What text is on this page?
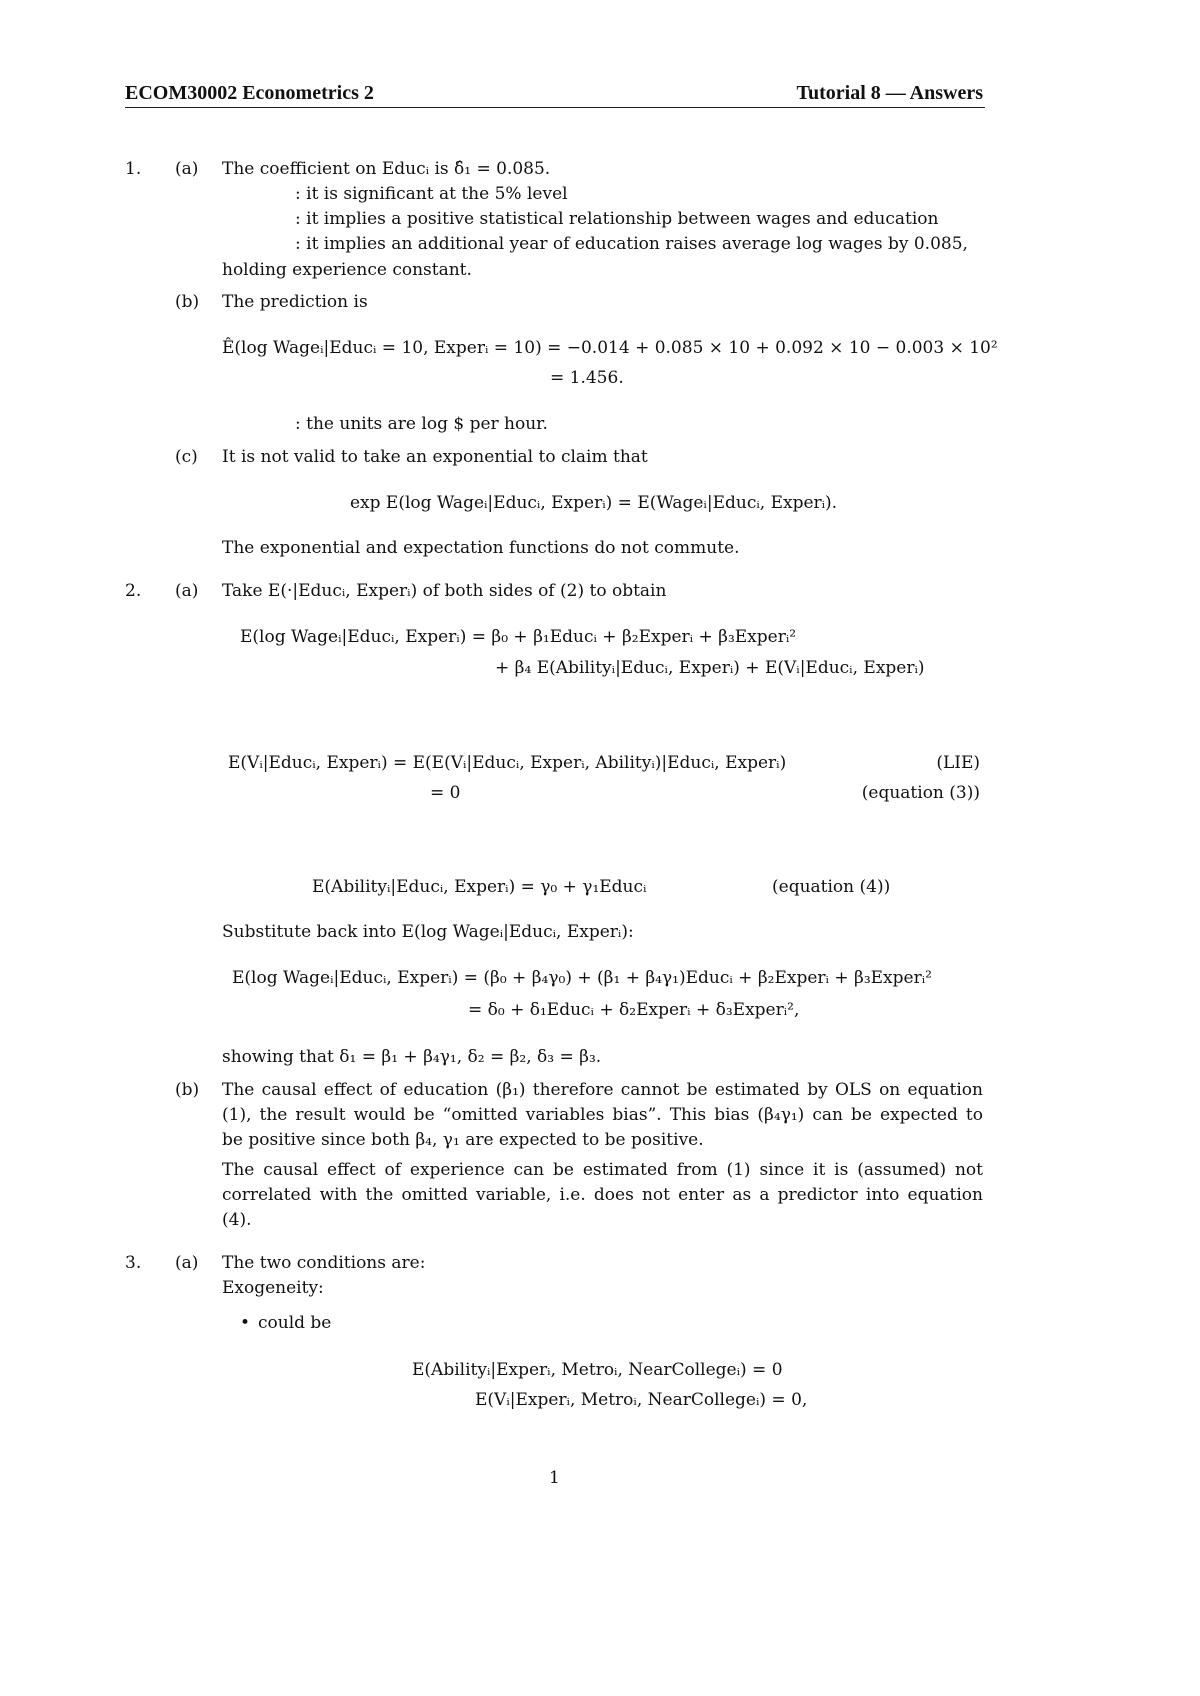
ECOM30002 Econometrics 2	Tutorial 8 — Answers
1. (a) The coefficient on Educᵢ is δ̂₁ = 0.085.
: it is significant at the 5% level
: it implies a positive statistical relationship between wages and education
: it implies an additional year of education raises average log wages by 0.085,
holding experience constant.
(b) The prediction is
Ê(log Wageᵢ|Educᵢ = 10, Experᵢ = 10) = −0.014 + 0.085 × 10 + 0.092 × 10 − 0.003 × 10²
= 1.456.
: the units are log $ per hour.
(c) It is not valid to take an exponential to claim that
exp E(log Wageᵢ|Educᵢ, Experᵢ) = E(Wageᵢ|Educᵢ, Experᵢ).
The exponential and expectation functions do not commute.
2. (a) Take E(·|Educᵢ, Experᵢ) of both sides of (2) to obtain
E(log Wageᵢ|Educᵢ, Experᵢ) = β₀ + β₁Educᵢ + β₂Experᵢ + β₃Experᵢ²
+ β₄ E(Abilityᵢ|Educᵢ, Experᵢ) + E(Vᵢ|Educᵢ, Experᵢ)
E(Vᵢ|Educᵢ, Experᵢ) = E(E(Vᵢ|Educᵢ, Experᵢ, Abilityᵢ)|Educᵢ, Experᵢ)	(LIE)
= 0	(equation (3))
E(Abilityᵢ|Educᵢ, Experᵢ) = γ₀ + γ₁Educᵢ	(equation (4))
Substitute back into E(log Wageᵢ|Educᵢ, Experᵢ):
E(log Wageᵢ|Educᵢ, Experᵢ) = (β₀ + β₄γ₀) + (β₁ + β₄γ₁)Educᵢ + β₂Experᵢ + β₃Experᵢ²
= δ₀ + δ₁Educᵢ + δ₂Experᵢ + δ₃Experᵢ²,
showing that δ₁ = β₁ + β₄γ₁, δ₂ = β₂, δ₃ = β₃.
(b) The causal effect of education (β₁) therefore cannot be estimated by OLS on equation
(1), the result would be “omitted variables bias”. This bias (β₄γ₁) can be expected to
be positive since both β₄, γ₁ are expected to be positive.
The causal effect of experience can be estimated from (1) since it is (assumed) not
correlated with the omitted variable, i.e. does not enter as a predictor into equation
(4).
3. (a) The two conditions are:
Exogeneity:
• could be
E(Abilityᵢ|Experᵢ, Metroᵢ, NearCollegeᵢ) = 0
E(Vᵢ|Experᵢ, Metroᵢ, NearCollegeᵢ) = 0,
1
